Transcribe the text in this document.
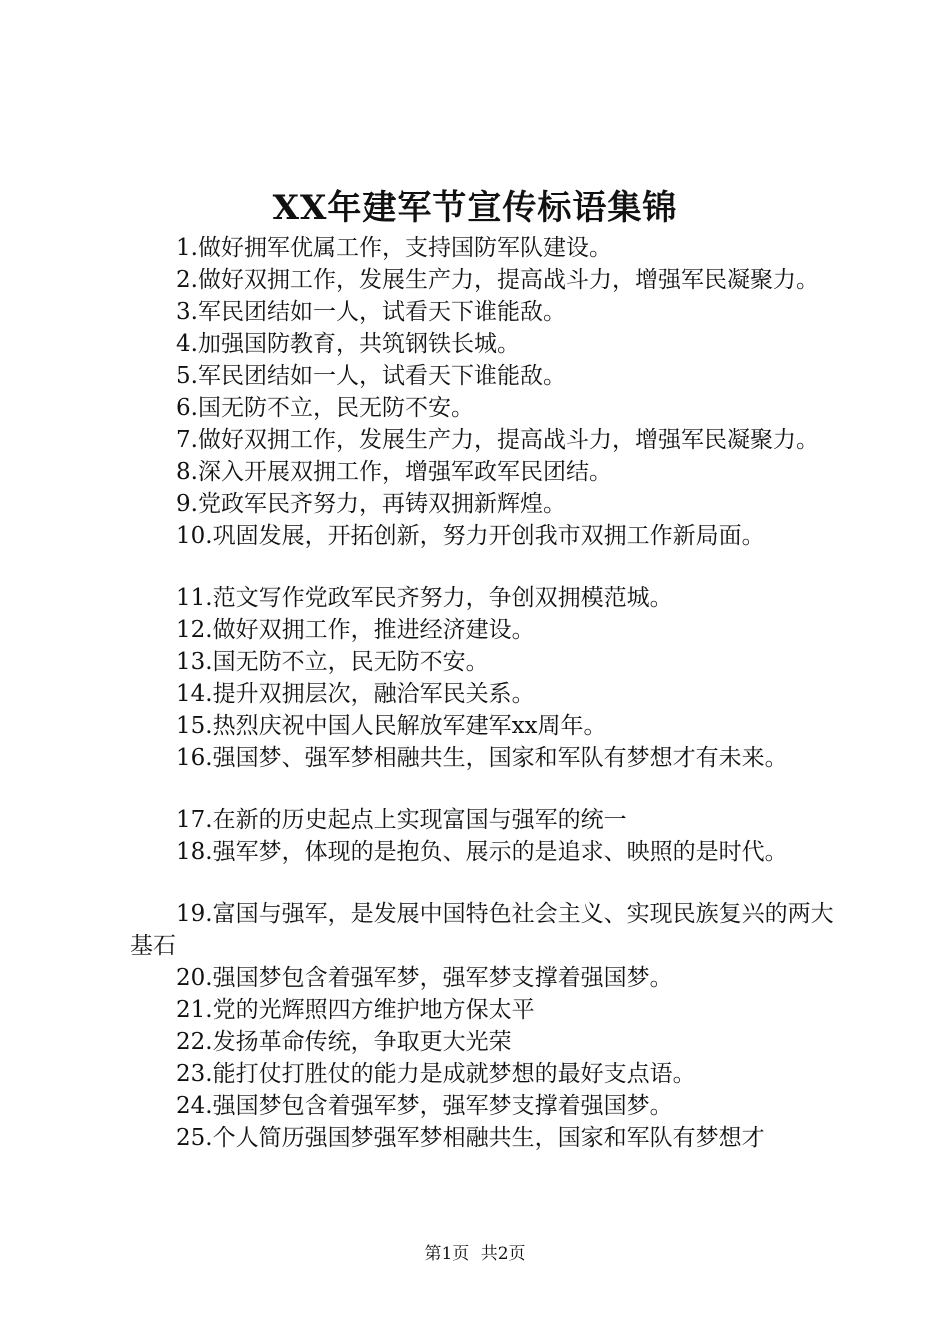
XX年建军节宣传标语集锦

1.做好拥军优属工作，支持国防军队建设。

2.做好双拥工作，发展生产力，提高战斗力，增强军民凝聚力。

3.军民团结如一人，试看天下谁能敌。

4.加强国防教育，共筑钢铁长城。

5.军民团结如一人，试看天下谁能敌。

6.国无防不立，民无防不安。

7.做好双拥工作，发展生产力，提高战斗力，增强军民凝聚力。

8.深入开展双拥工作，增强军政军民团结。

9.党政军民齐努力，再铸双拥新辉煌。

10.巩固发展，开拓创新，努力开创我市双拥工作新局面。

11.范文写作党政军民齐努力，争创双拥模范城。

12.做好双拥工作，推进经济建设。

13.国无防不立，民无防不安。

14.提升双拥层次，融洽军民关系。

15.热烈庆祝中国人民解放军建军xx周年。

16.强国梦、强军梦相融共生，国家和军队有梦想才有未来。

17.在新的历史起点上实现富国与强军的统一

18.强军梦，体现的是抱负、展示的是追求、映照的是时代。

19.富国与强军，是发展中国特色社会主义、实现民族复兴的两大基石

20.强国梦包含着强军梦，强军梦支撑着强国梦。

21.党的光辉照四方维护地方保太平

22.发扬革命传统，争取更大光荣

23.能打仗打胜仗的能力是成就梦想的最好支点语。

24.强国梦包含着强军梦，强军梦支撑着强国梦。

25.个人简历强国梦强军梦相融共生，国家和军队有梦想才

第1页 共2页
